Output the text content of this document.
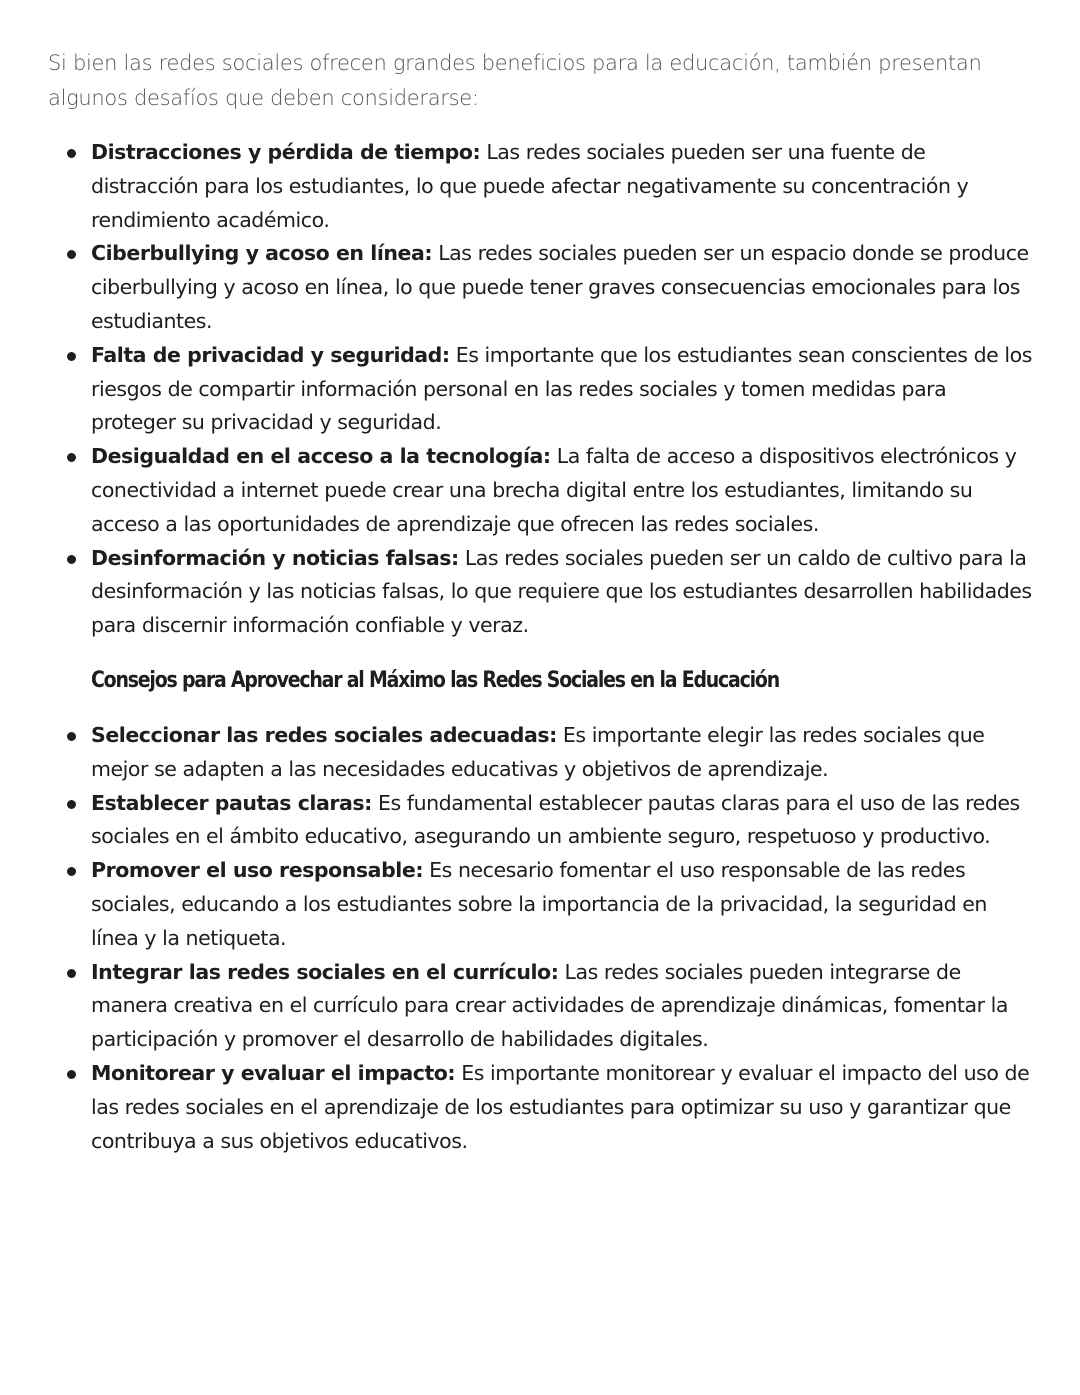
Si bien las redes sociales ofrecen grandes beneficios para la educación, también presentan algunos desafíos que deben considerarse:

Distracciones y pérdida de tiempo: Las redes sociales pueden ser una fuente de distracción para los estudiantes, lo que puede afectar negativamente su concentración y rendimiento académico.
Ciberbullying y acoso en línea: Las redes sociales pueden ser un espacio donde se produce ciberbullying y acoso en línea, lo que puede tener graves consecuencias emocionales para los estudiantes.
Falta de privacidad y seguridad: Es importante que los estudiantes sean conscientes de los riesgos de compartir información personal en las redes sociales y tomen medidas para proteger su privacidad y seguridad.
Desigualdad en el acceso a la tecnología: La falta de acceso a dispositivos electrónicos y conectividad a internet puede crear una brecha digital entre los estudiantes, limitando su acceso a las oportunidades de aprendizaje que ofrecen las redes sociales.
Desinformación y noticias falsas: Las redes sociales pueden ser un caldo de cultivo para la desinformación y las noticias falsas, lo que requiere que los estudiantes desarrollen habilidades para discernir información confiable y veraz.
Consejos para Aprovechar al Máximo las Redes Sociales en la Educación
Seleccionar las redes sociales adecuadas: Es importante elegir las redes sociales que mejor se adapten a las necesidades educativas y objetivos de aprendizaje.
Establecer pautas claras: Es fundamental establecer pautas claras para el uso de las redes sociales en el ámbito educativo, asegurando un ambiente seguro, respetuoso y productivo.
Promover el uso responsable: Es necesario fomentar el uso responsable de las redes sociales, educando a los estudiantes sobre la importancia de la privacidad, la seguridad en línea y la netiqueta.
Integrar las redes sociales en el currículo: Las redes sociales pueden integrarse de manera creativa en el currículo para crear actividades de aprendizaje dinámicas, fomentar la participación y promover el desarrollo de habilidades digitales.
Monitorear y evaluar el impacto: Es importante monitorear y evaluar el impacto del uso de las redes sociales en el aprendizaje de los estudiantes para optimizar su uso y garantizar que contribuya a sus objetivos educativos.
